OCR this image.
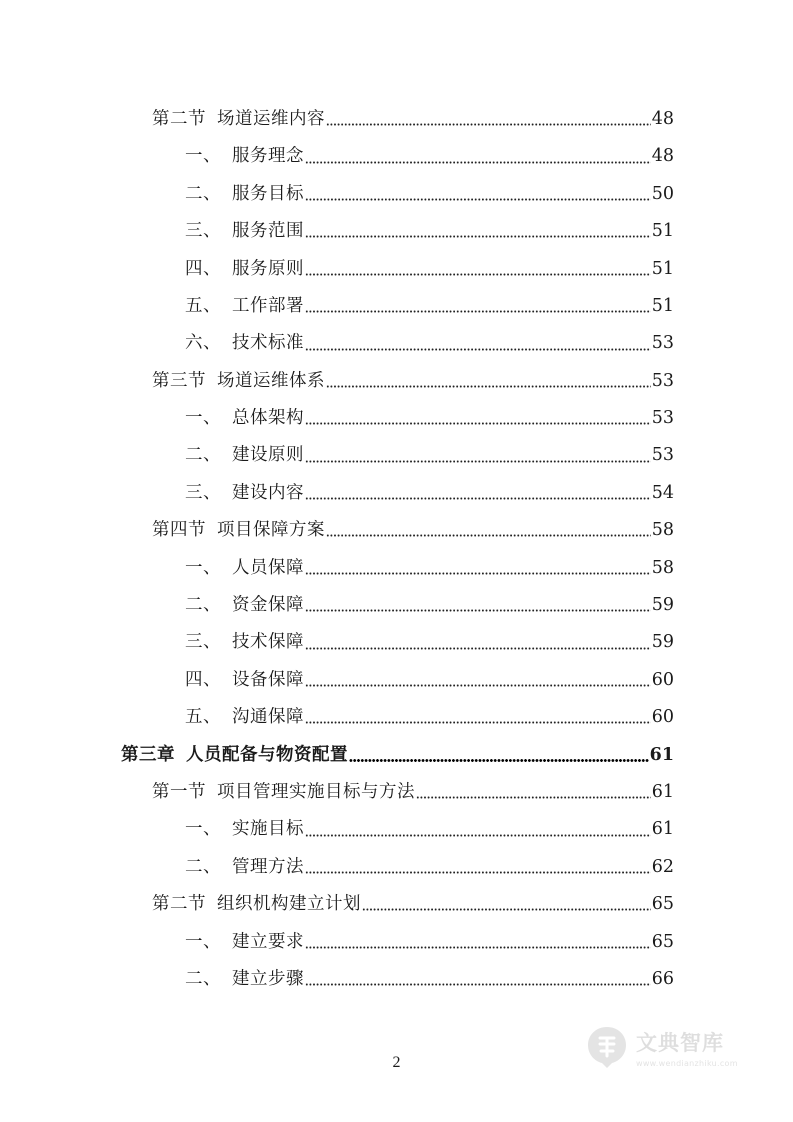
第二节 场道运维内容	48
一、 服务理念	48
二、 服务目标	50
三、 服务范围	51
四、 服务原则	51
五、 工作部署	51
六、 技术标准	53
第三节 场道运维体系	53
一、 总体架构	53
二、 建设原则	53
三、 建设内容	54
第四节 项目保障方案	58
一、 人员保障	58
二、 资金保障	59
三、 技术保障	59
四、 设备保障	60
五、 沟通保障	60
第三章 人员配备与物资配置	61
第一节 项目管理实施目标与方法	61
一、 实施目标	61
二、 管理方法	62
第二节 组织机构建立计划	65
一、 建立要求	65
二、 建立步骤	66
2
文典智库
www.wendianzhiku.com
